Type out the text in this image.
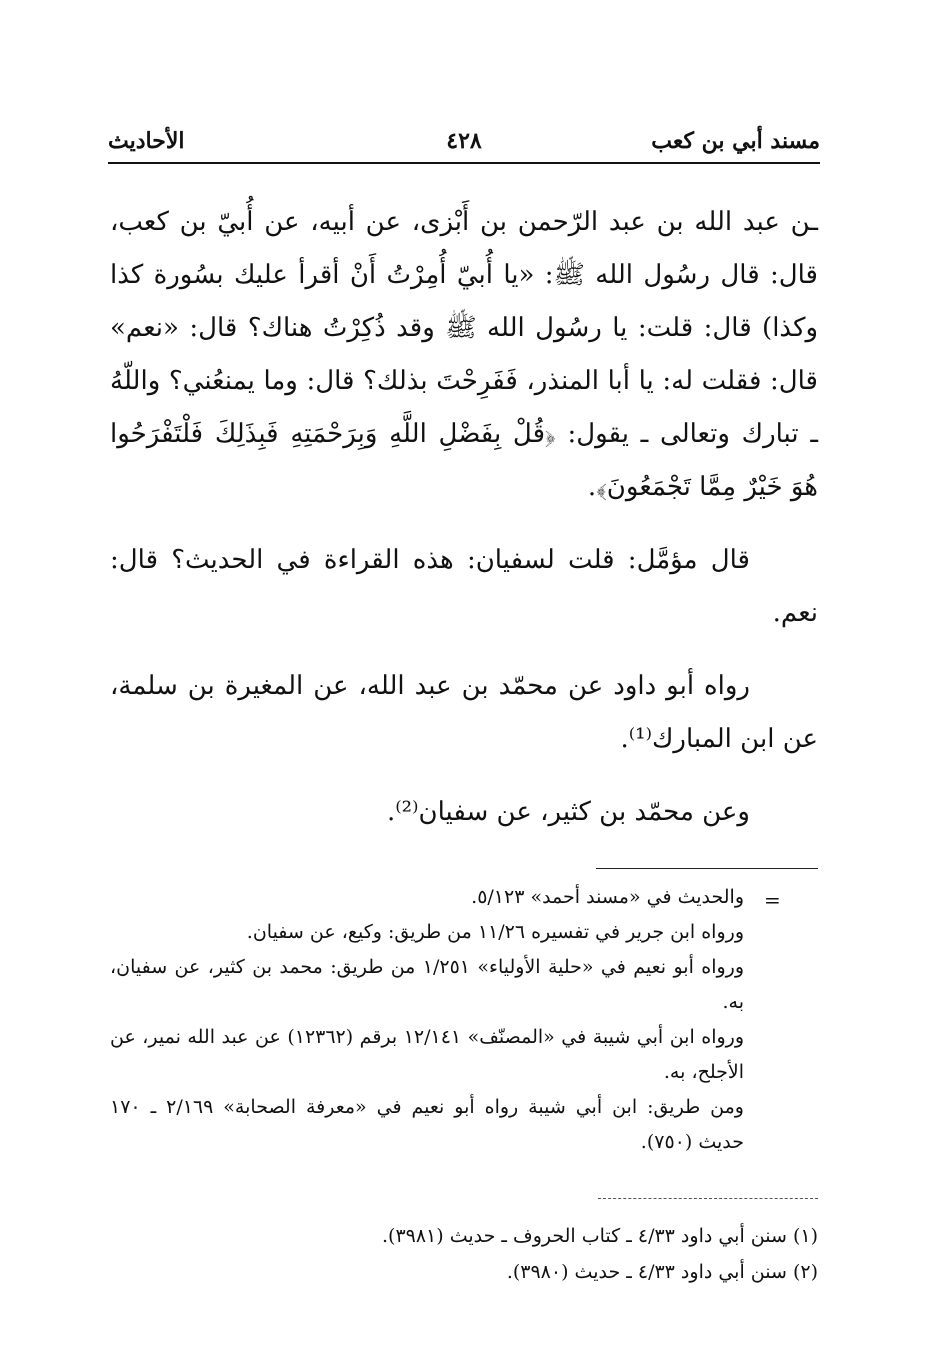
مسند أبي بن كعب
٤٢٨
الأحاديث

ـن عبد الله بن عبد الرّحمن بن أَبْزى، عن أبيه، عن أُبيّ بن كعب، قال: قال رسُول الله ﷺ: «يا أُبيّ أُمِرْتُ أَنْ أقرأ عليك بسُورة كذا وكذا) قال: قلت: يا رسُول الله ﷺ وقد ذُكِرْتُ هناك؟ قال: «نعم» قال: فقلت له: يا أبا المنذر، فَفَرِحْتَ بذلك؟ قال: وما يمنعُني؟ واللّهُ ـ تبارك وتعالى ـ يقول: ﴿قُلْ بِفَضْلِ اللَّهِ وَبِرَحْمَتِهِ فَبِذَلِكَ فَلْتَفْرَحُوا هُوَ خَيْرٌ مِمَّا تَجْمَعُونَ﴾.

قال مؤمَّل: قلت لسفيان: هذه القراءة في الحديث؟ قال: نعم.

رواه أبو داود عن محمّد بن عبد الله، عن المغيرة بن سلمة، عن ابن المبارك⁽¹⁾.

وعن محمّد بن كثير، عن سفيان⁽²⁾.

=

والحديث في «مسند أحمد» ٥/١٢٣.

ورواه ابن جرير في تفسيره ١١/٢٦ من طريق: وكيع، عن سفيان.

ورواه أبو نعيم في «حلية الأولياء» ١/٢٥١ من طريق: محمد بن كثير، عن سفيان، به.

ورواه ابن أبي شيبة في «المصنّف» ١٢/١٤١ برقم (١٢٣٦٢) عن عبد الله نمير، عن الأجلح، به.

ومن طريق: ابن أبي شيبة رواه أبو نعيم في «معرفة الصحابة» ٢/١٦٩ ـ ١٧٠ حديث (٧٥٠).

(١) سنن أبي داود ٤/٣٣ ـ كتاب الحروف ـ حديث (٣٩٨١).

(٢) سنن أبي داود ٤/٣٣ ـ حديث (٣٩٨٠).
